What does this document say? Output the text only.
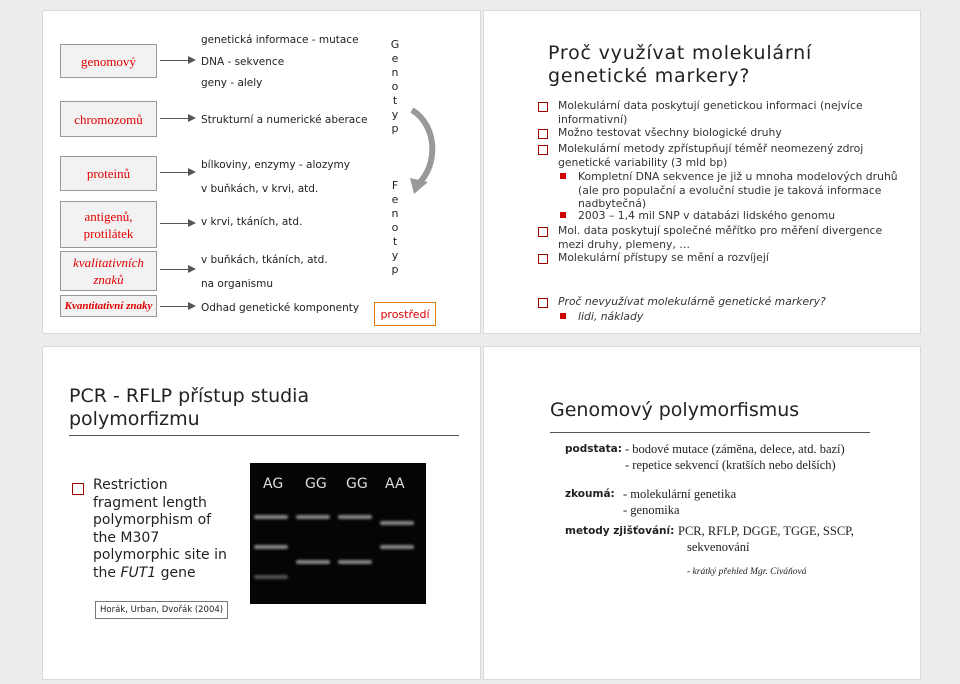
genomový
chromozomů
proteinů
antigenů, protilátek
kvalitativních znaků
Kvantitativní znaky
genetická informace - mutace
DNA - sekvence
geny - alely
Strukturní a numerické aberace
bílkoviny, enzymy - alozymy
v buňkách, v krvi, atd.
v krvi, tkáních, atd.
v buňkách, tkáních, atd.
na organismu
Odhad genetické komponenty
G
e
n
o
t
y
p
F
e
n
o
t
y
p
prostředí
Proč využívat molekulární genetické markery?
Molekulární data poskytují genetickou informaci (nejvíce informativní)
Možno testovat všechny biologické druhy
Molekulární metody zpřístupňují téměř neomezený zdroj genetické variability (3 mld bp)
Kompletní DNA sekvence je již u mnoha modelových druhů (ale pro populační a evoluční studie je taková informace nadbytečná)
2003 – 1,4 mil SNP v databázi lidského genomu
Mol. data poskytují společné měřítko pro měření divergence mezi druhy, plemeny, …
Molekulární přístupy se mění a rozvíjejí
Proč nevyužívat molekulárně genetické markery?
lidi, náklady
PCR - RFLP přístup studia polymorfizmu
Restriction
fragment length
polymorphism of
the M307
polymorphic site in
the FUT1 gene
AG GG GG AA
Horák, Urban, Dvořák (2004)
Genomový polymorfismus
podstata: - bodové mutace (záměna, delece, atd. bazí)
- repetice sekvencí (kratších nebo delších)
zkoumá: - molekulární genetika
- genomika
metody zjišťování: PCR, RFLP, DGGE, TGGE, SSCP,
sekvenování
- krátký přehled Mgr. Civáňová
